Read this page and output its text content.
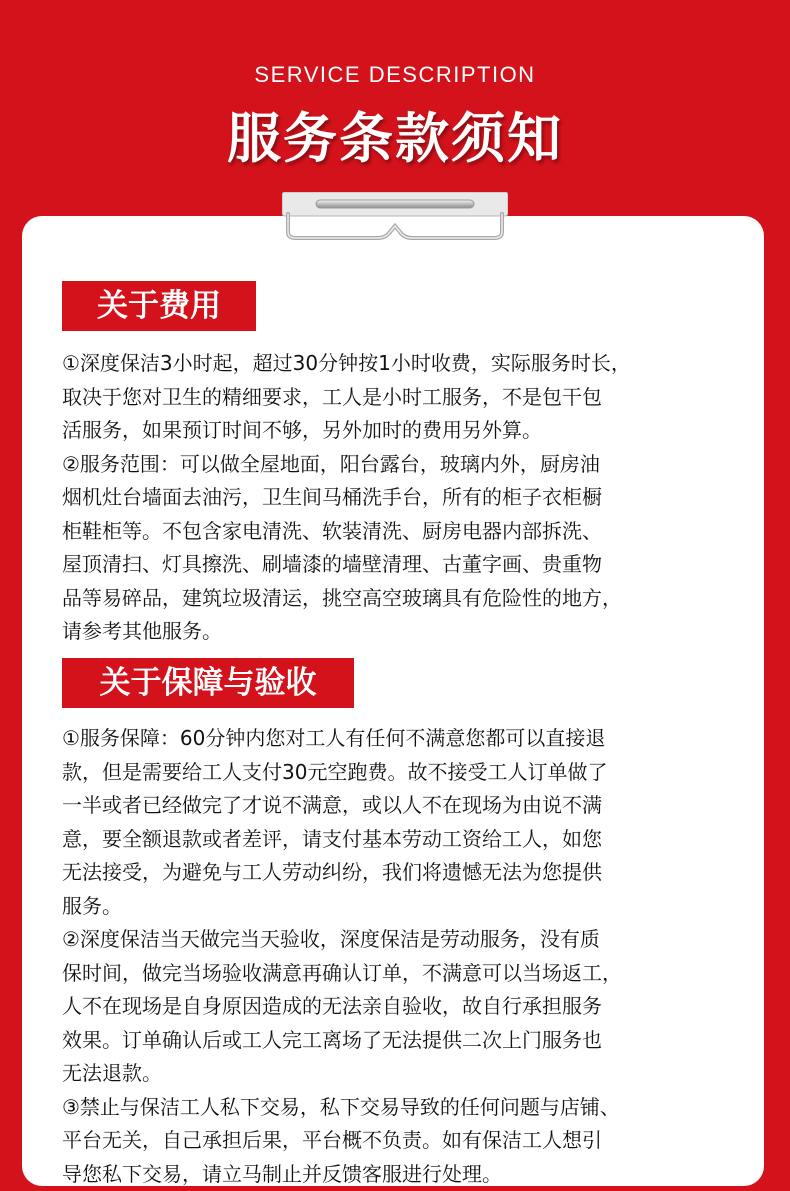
SERVICE DESCRIPTION
服务条款须知
关于费用
①深度保洁3小时起，超过30分钟按1小时收费，实际服务时长，
取决于您对卫生的精细要求，工人是小时工服务，不是包干包
活服务，如果预订时间不够，另外加时的费用另外算。
②服务范围：可以做全屋地面，阳台露台，玻璃内外，厨房油
烟机灶台墙面去油污，卫生间马桶洗手台，所有的柜子衣柜橱
柜鞋柜等。不包含家电清洗、软装清洗、厨房电器内部拆洗、
屋顶清扫、灯具擦洗、刷墙漆的墙壁清理、古董字画、贵重物
品等易碎品，建筑垃圾清运，挑空高空玻璃具有危险性的地方，
请参考其他服务。
关于保障与验收
①服务保障：60分钟内您对工人有任何不满意您都可以直接退
款，但是需要给工人支付30元空跑费。故不接受工人订单做了
一半或者已经做完了才说不满意，或以人不在现场为由说不满
意，要全额退款或者差评，请支付基本劳动工资给工人，如您
无法接受，为避免与工人劳动纠纷，我们将遗憾无法为您提供
服务。
②深度保洁当天做完当天验收，深度保洁是劳动服务，没有质
保时间，做完当场验收满意再确认订单，不满意可以当场返工，
人不在现场是自身原因造成的无法亲自验收，故自行承担服务
效果。订单确认后或工人完工离场了无法提供二次上门服务也
无法退款。
③禁止与保洁工人私下交易，私下交易导致的任何问题与店铺、
平台无关，自己承担后果，平台概不负责。如有保洁工人想引
导您私下交易，请立马制止并反馈客服进行处理。
